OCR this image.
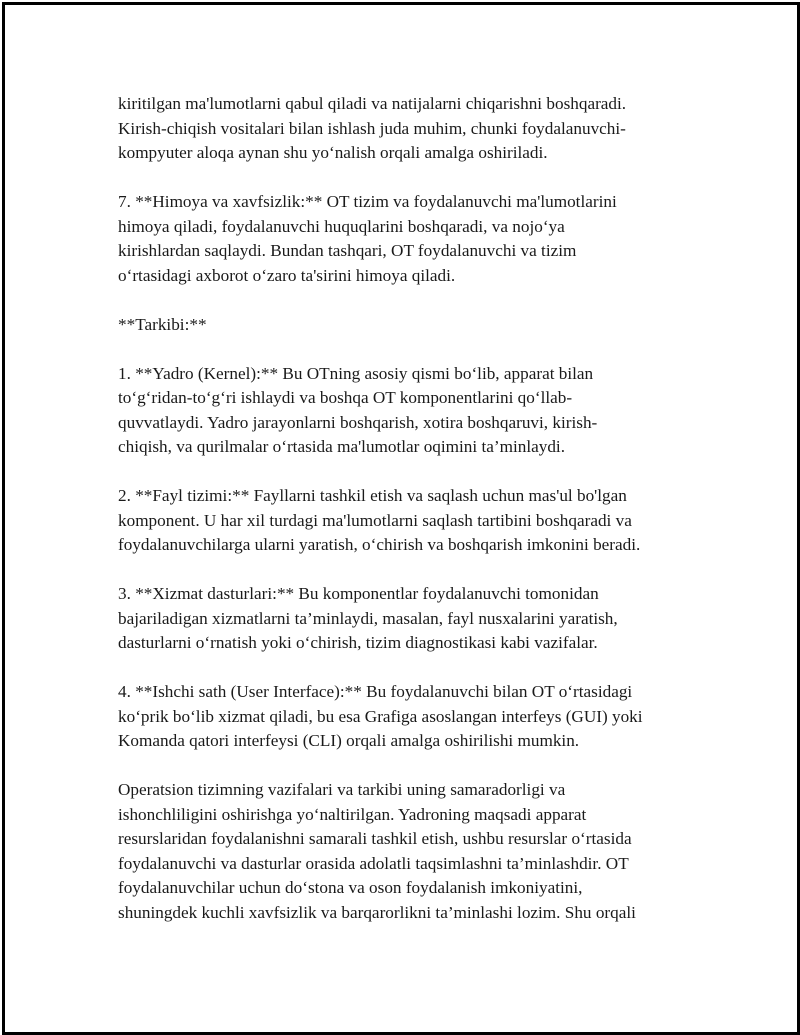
kiritilgan ma'lumotlarni qabul qiladi va natijalarni chiqarishni boshqaradi.
Kirish-chiqish vositalari bilan ishlash juda muhim, chunki foydalanuvchi-
kompyuter aloqa aynan shu yo‘nalish orqali amalga oshiriladi.

7. **Himoya va xavfsizlik:** OT tizim va foydalanuvchi ma'lumotlarini
himoya qiladi, foydalanuvchi huquqlarini boshqaradi, va nojo‘ya
kirishlardan saqlaydi. Bundan tashqari, OT foydalanuvchi va tizim
o‘rtasidagi axborot o‘zaro ta'sirini himoya qiladi.

**Tarkibi:**

1. **Yadro (Kernel):** Bu OTning asosiy qismi bo‘lib, apparat bilan
to‘g‘ridan-to‘g‘ri ishlaydi va boshqa OT komponentlarini qo‘llab-
quvvatlaydi. Yadro jarayonlarni boshqarish, xotira boshqaruvi, kirish-
chiqish, va qurilmalar o‘rtasida ma'lumotlar oqimini ta’minlaydi.

2. **Fayl tizimi:** Fayllarni tashkil etish va saqlash uchun mas'ul bo'lgan
komponent. U har xil turdagi ma'lumotlarni saqlash tartibini boshqaradi va
foydalanuvchilarga ularni yaratish, o‘chirish va boshqarish imkonini beradi.

3. **Xizmat dasturlari:** Bu komponentlar foydalanuvchi tomonidan
bajariladigan xizmatlarni ta’minlaydi, masalan, fayl nusxalarini yaratish,
dasturlarni o‘rnatish yoki o‘chirish, tizim diagnostikasi kabi vazifalar.

4. **Ishchi sath (User Interface):** Bu foydalanuvchi bilan OT o‘rtasidagi
ko‘prik bo‘lib xizmat qiladi, bu esa Grafiga asoslangan interfeys (GUI) yoki
Komanda qatori interfeysi (CLI) orqali amalga oshirilishi mumkin.

Operatsion tizimning vazifalari va tarkibi uning samaradorligi va
ishonchliligini oshirishga yo‘naltirilgan. Yadroning maqsadi apparat
resurslaridan foydalanishni samarali tashkil etish, ushbu resurslar o‘rtasida
foydalanuvchi va dasturlar orasida adolatli taqsimlashni ta’minlashdir. OT
foydalanuvchilar uchun do‘stona va oson foydalanish imkoniyatini,
shuningdek kuchli xavfsizlik va barqarorlikni ta’minlashi lozim. Shu orqali
